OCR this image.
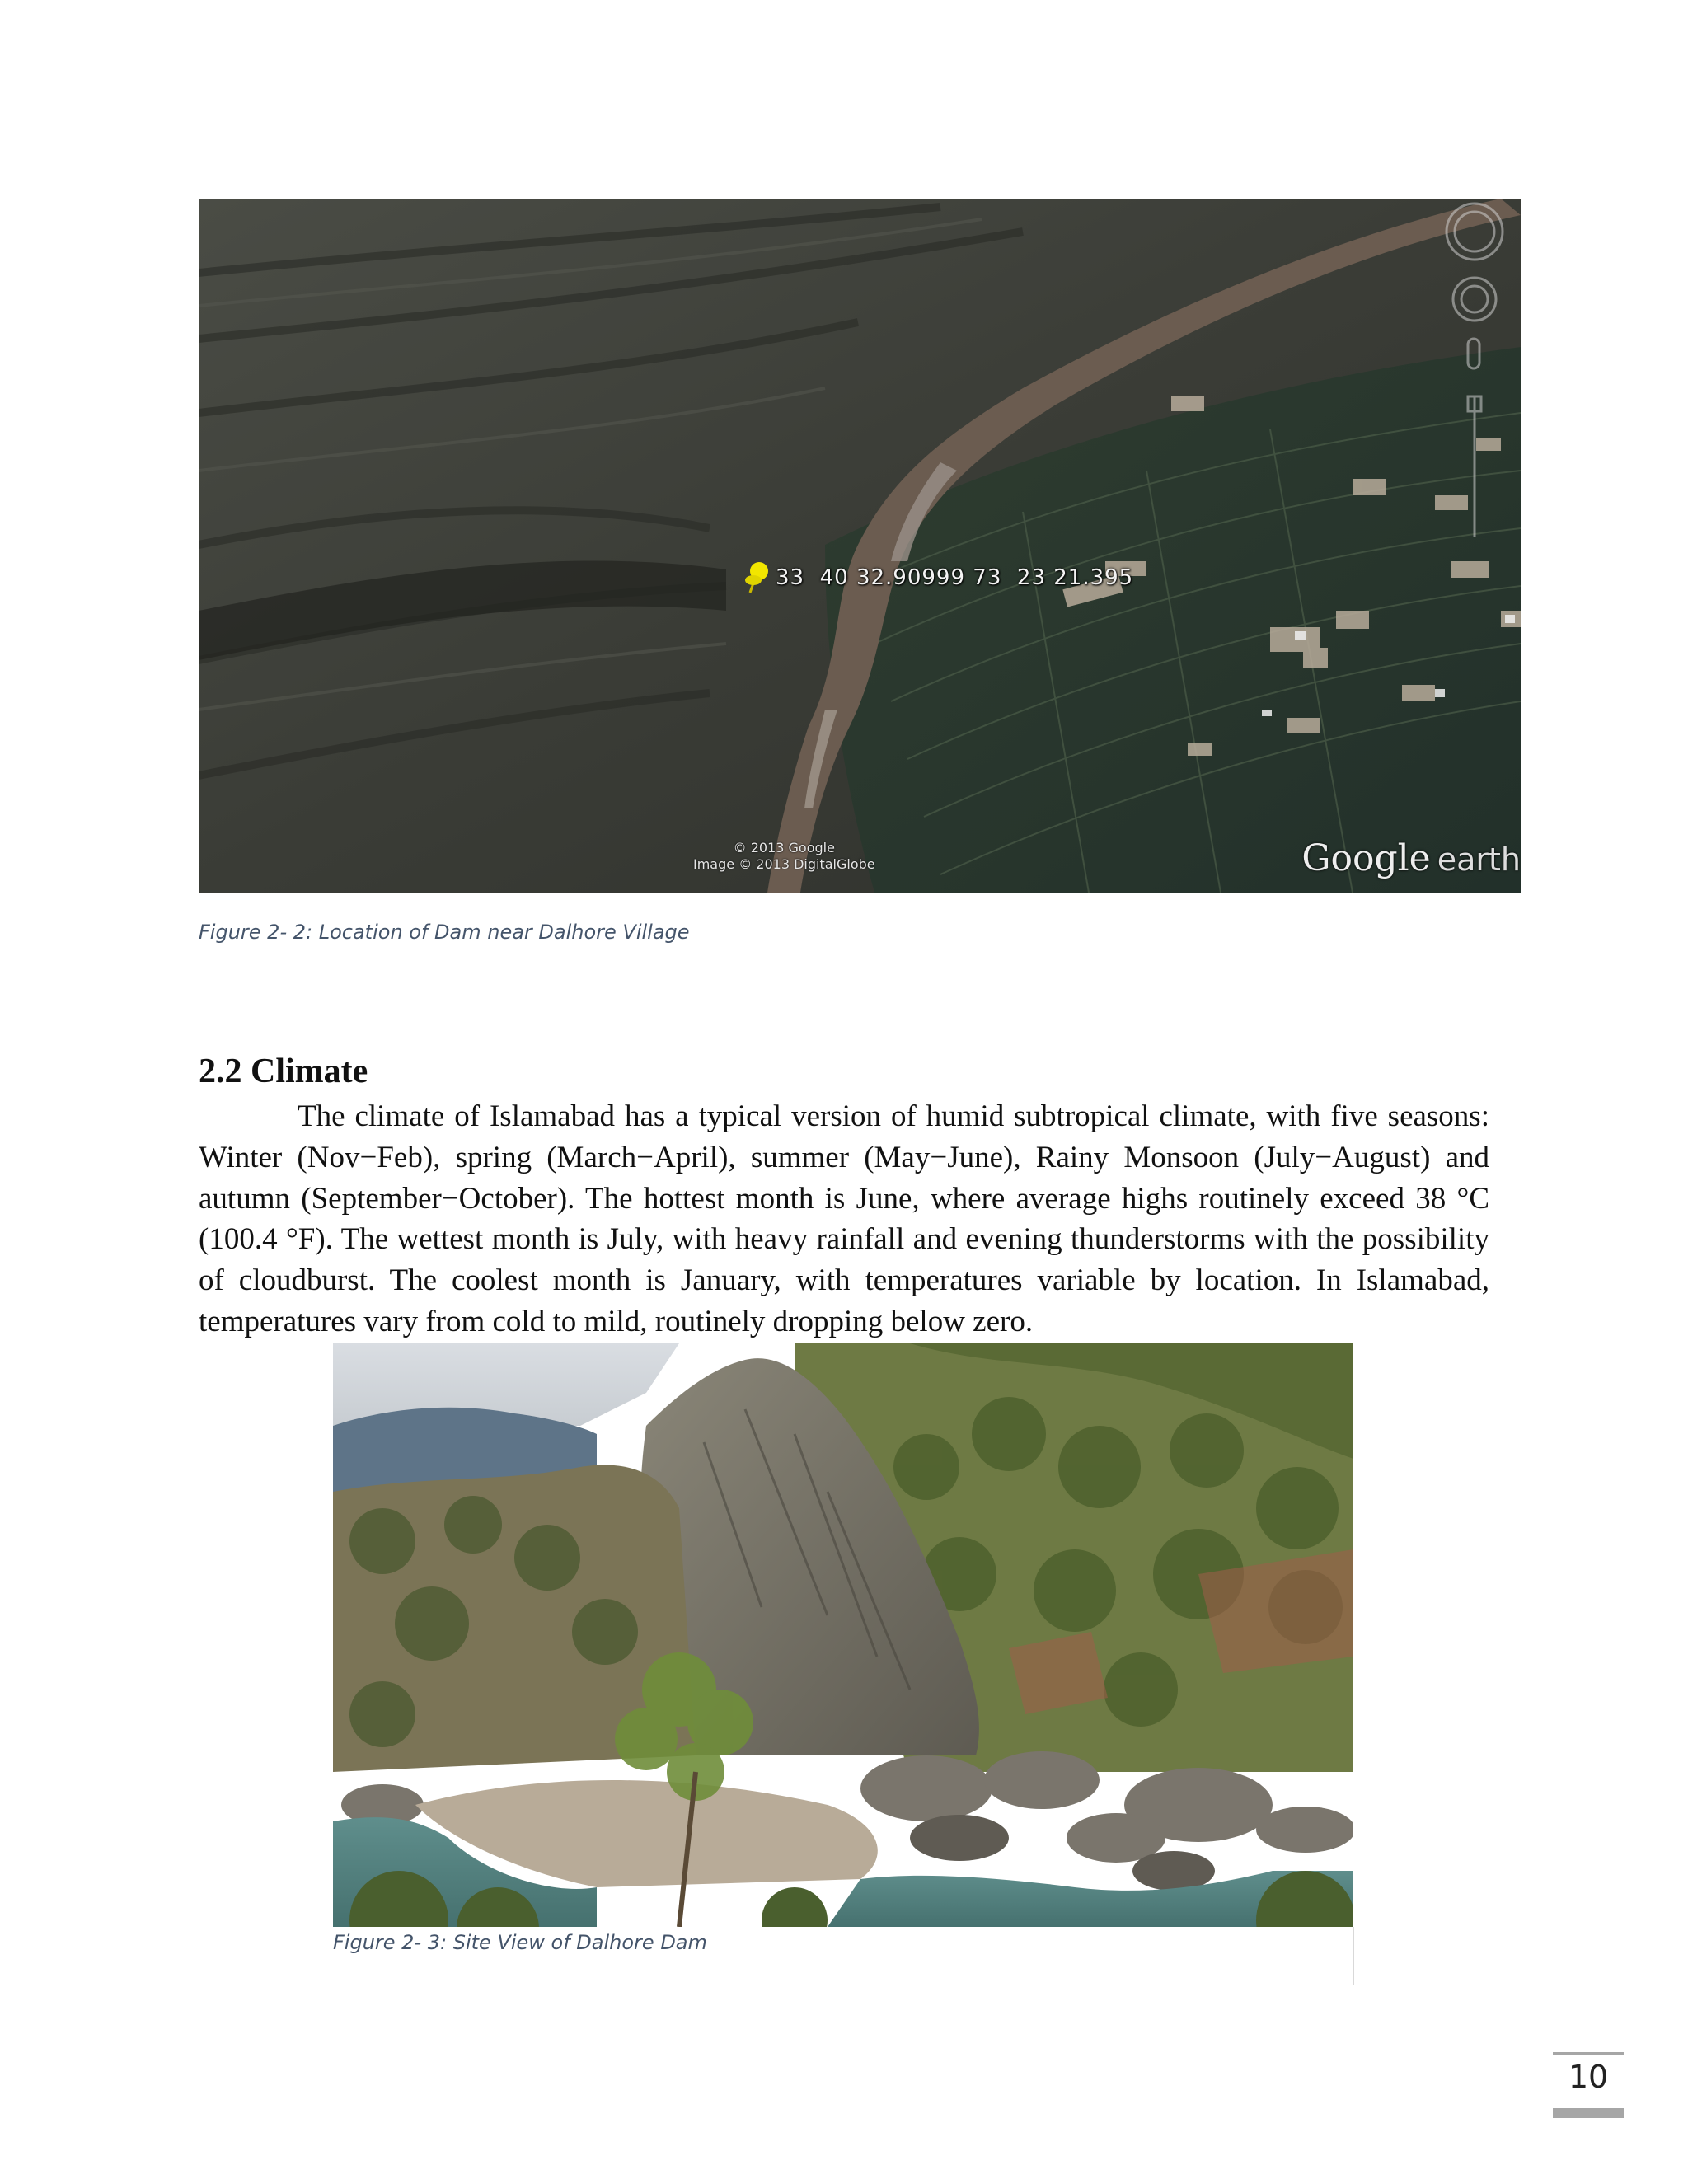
33  40 32.90999 73  23 21.395
© 2013 Google
Image © 2013 DigitalGlobe	Google earth
Figure 2- 2: Location of Dam near Dalhore Village
2.2 Climate

The climate of Islamabad has a typical version of humid subtropical climate, with five seasons: Winter (Nov−Feb), spring (March−April), summer (May−June), Rainy Monsoon (July−August) and autumn (September−October). The hottest month is June, where average highs routinely exceed 38 °C (100.4 °F). The wettest month is July, with heavy rainfall and evening thunderstorms with the possibility of cloudburst. The coolest month is January, with temperatures variable by location. In Islamabad, temperatures vary from cold to mild, routinely dropping below zero.

Figure 2- 3: Site View of Dalhore Dam
10
